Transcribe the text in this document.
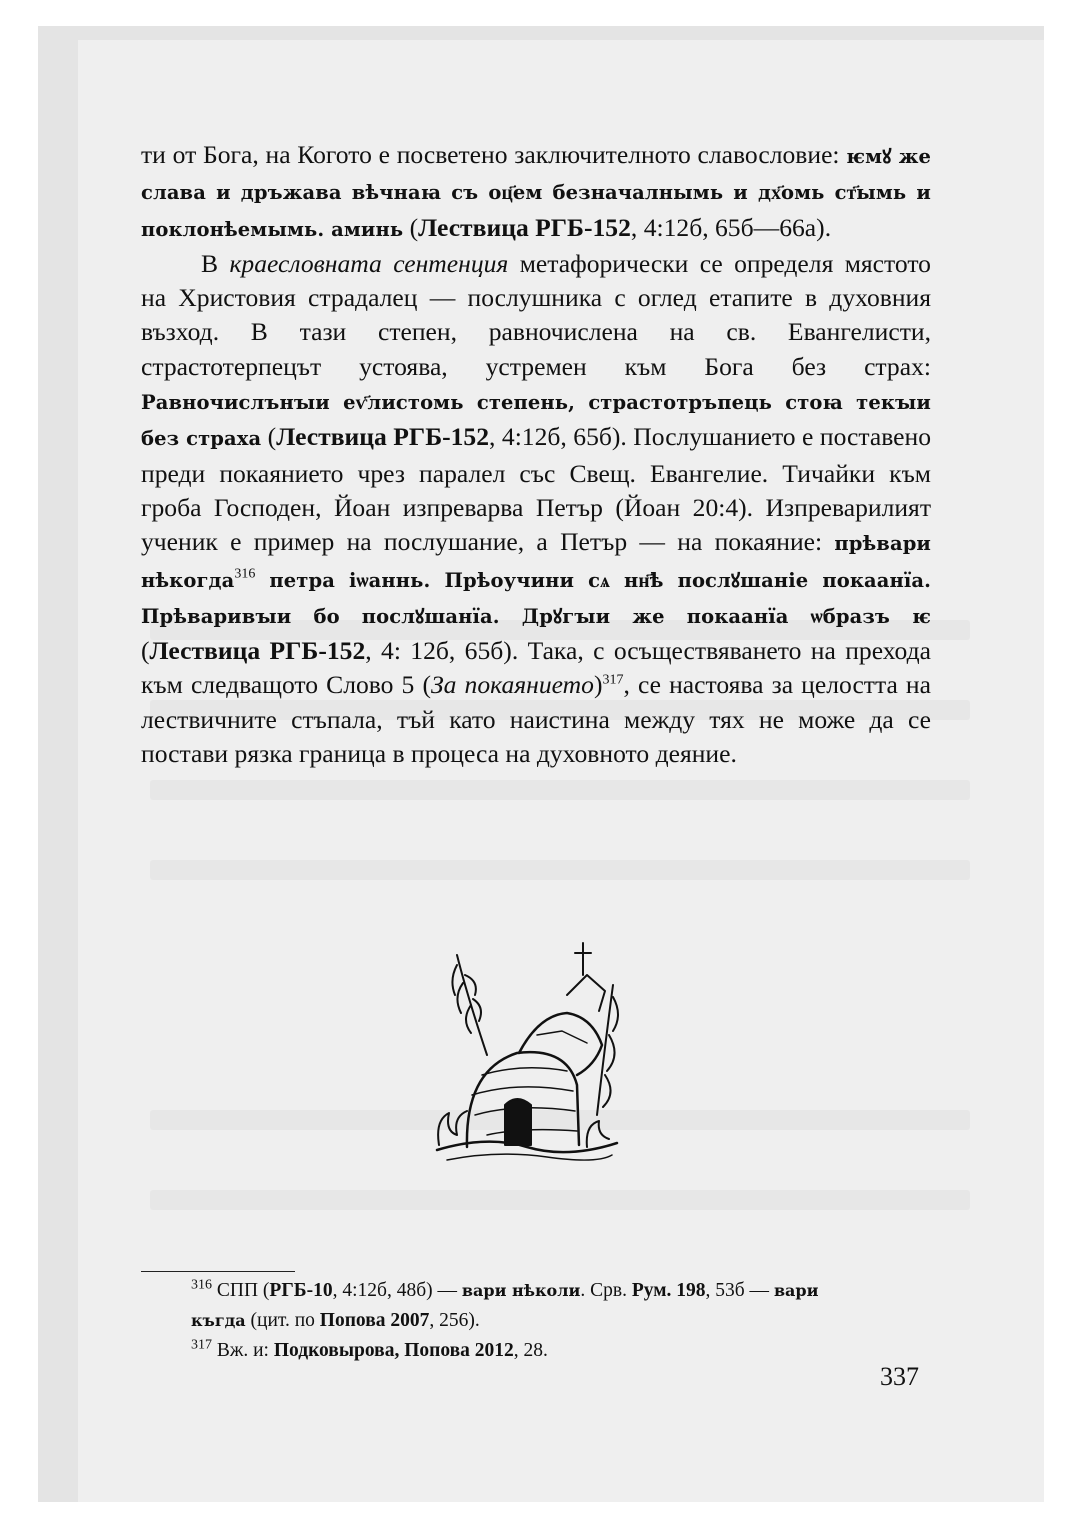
ти от Бога, на Когото е посветено заключителното славословие: ѥмꙋ же слава и дръжава вѣчнаꙗ съ оц҃ем безначалнымь и дх҃омь ст҃ымь и поклонѣемымь. аминь (Лествица РГБ-152, 4:12б, 65б—66а).

В краесловната сентенция метафорически се определя мястото на Христовия страдалец — послушника с оглед етапите в духовния възход. В тази степен, равночислена на св. Евангелисти, страстотерпецът устоява, устремен към Бога без страх: Равночислънꙑи еѵ҃листомь степень, страстотръпець стоꙗ текꙑи без страха (Лествица РГБ-152, 4:12б, 65б). Послушанието е поставено преди покаянието чрез паралел със Свещ. Евангелие. Тичайки към гроба Господен, Йоан изпреварва Петър (Йоан 20:4). Изпреварилият ученик е пример на послушание, а Петър — на покаяние: прѣвари нѣкогда$^{316}$ петра іѡаннь. Прѣоучини сѧ нн҃ѣ послꙋшаніе покаанїа. Прѣваривꙑи бо послꙋшанїа. Дрꙋгꙑи же покаанїа ѡбразъ ѥ (Лествица РГБ-152, 4: 12б, 65б). Така, с осъществяването на прехода към следващото Слово 5 (За покаянието)$^{317}$, се настоява за целостта на лествичните стъпала, тъй като наистина между тях не може да се постави рязка граница в процеса на духовното деяние.

$^{316}$ СПП (РГБ-10, 4:12б, 48б) — вари нѣколи. Срв. Рум. 198, 53б — вари
къгда (цит. по Попова 2007, 256).

$^{317}$ Вж. и: Подковырова, Попова 2012, 28.

337
